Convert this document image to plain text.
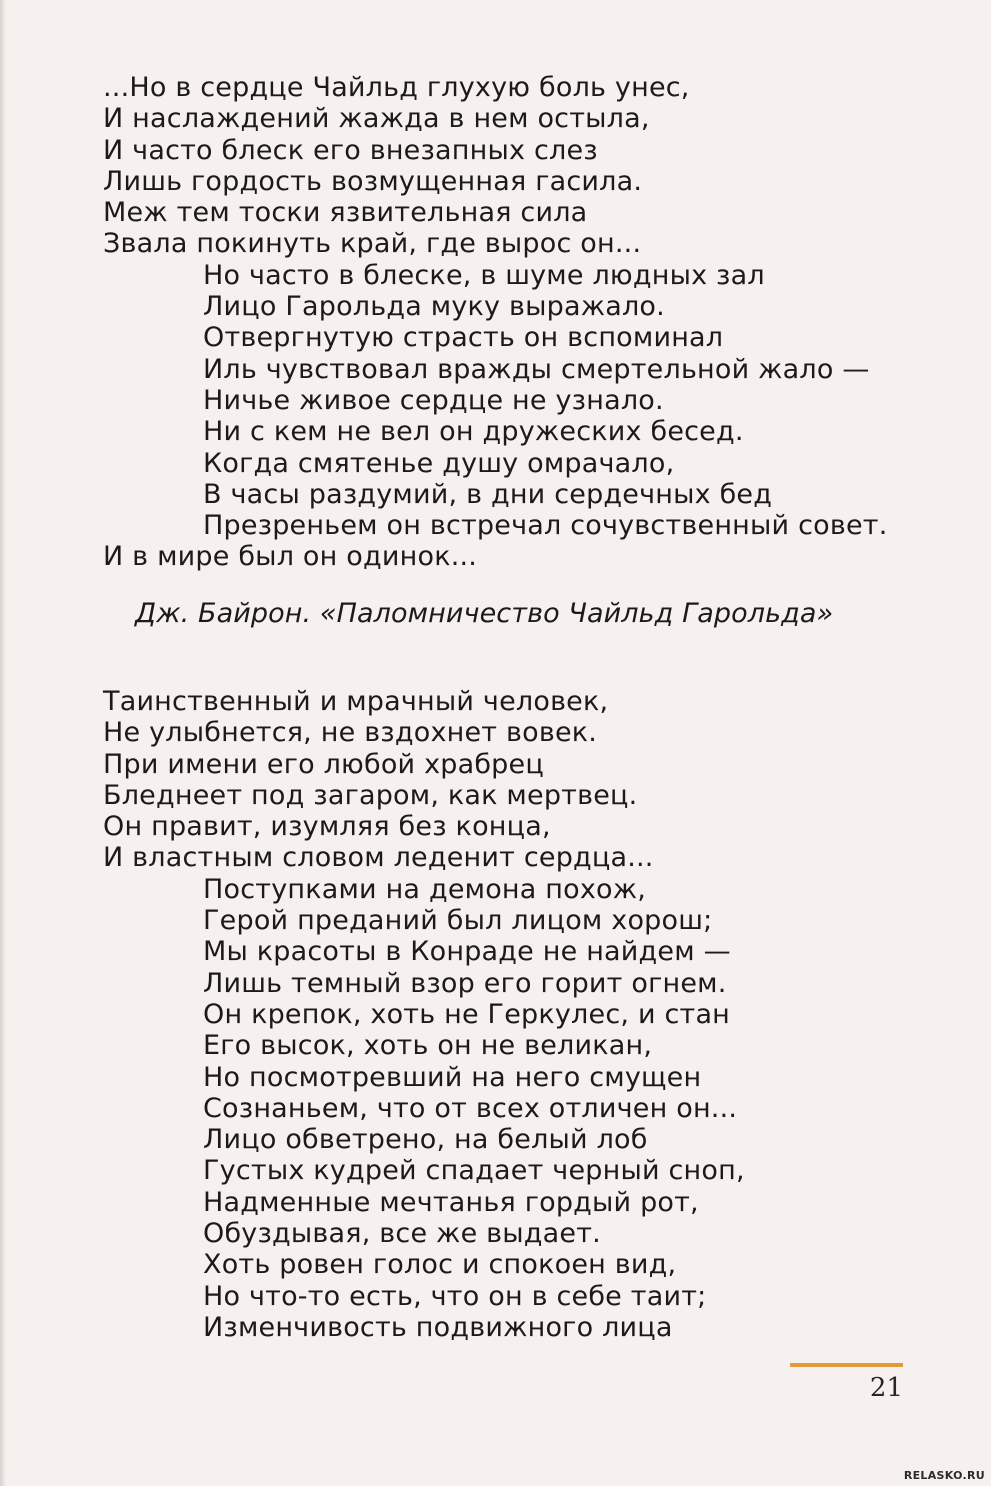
...Но в сердце Чайльд глухую боль унес,
И наслаждений жажда в нем остыла,
И часто блеск его внезапных слез
Лишь гордость возмущенная гасила.
Меж тем тоски язвительная сила
Звала покинуть край, где вырос он...
Но часто в блеске, в шуме людных зал
Лицо Гарольда муку выражало.
Отвергнутую страсть он вспоминал
Иль чувствовал вражды смертельной жало —
Ничье живое сердце не узнало.
Ни с кем не вел он дружеских бесед.
Когда смятенье душу омрачало,
В часы раздумий, в дни сердечных бед
Презреньем он встречал сочувственный совет.
И в мире был он одинок...
Дж. Байрон. «Паломничество Чайльд Гарольда»
Таинственный и мрачный человек,
Не улыбнется, не вздохнет вовек.
При имени его любой храбрец
Бледнеет под загаром, как мертвец.
Он правит, изумляя без конца,
И властным словом леденит сердца...
Поступками на демона похож,
Герой преданий был лицом хорош;
Мы красоты в Конраде не найдем —
Лишь темный взор его горит огнем.
Он крепок, хоть не Геркулес, и стан
Его высок, хоть он не великан,
Но посмотревший на него смущен
Сознаньем, что от всех отличен он...
Лицо обветрено, на белый лоб
Густых кудрей спадает черный сноп,
Надменные мечтанья гордый рот,
Обуздывая, все же выдает.
Хоть ровен голос и спокоен вид,
Но что-то есть, что он в себе таит;
Изменчивость подвижного лица
21
RELASKO.RU
